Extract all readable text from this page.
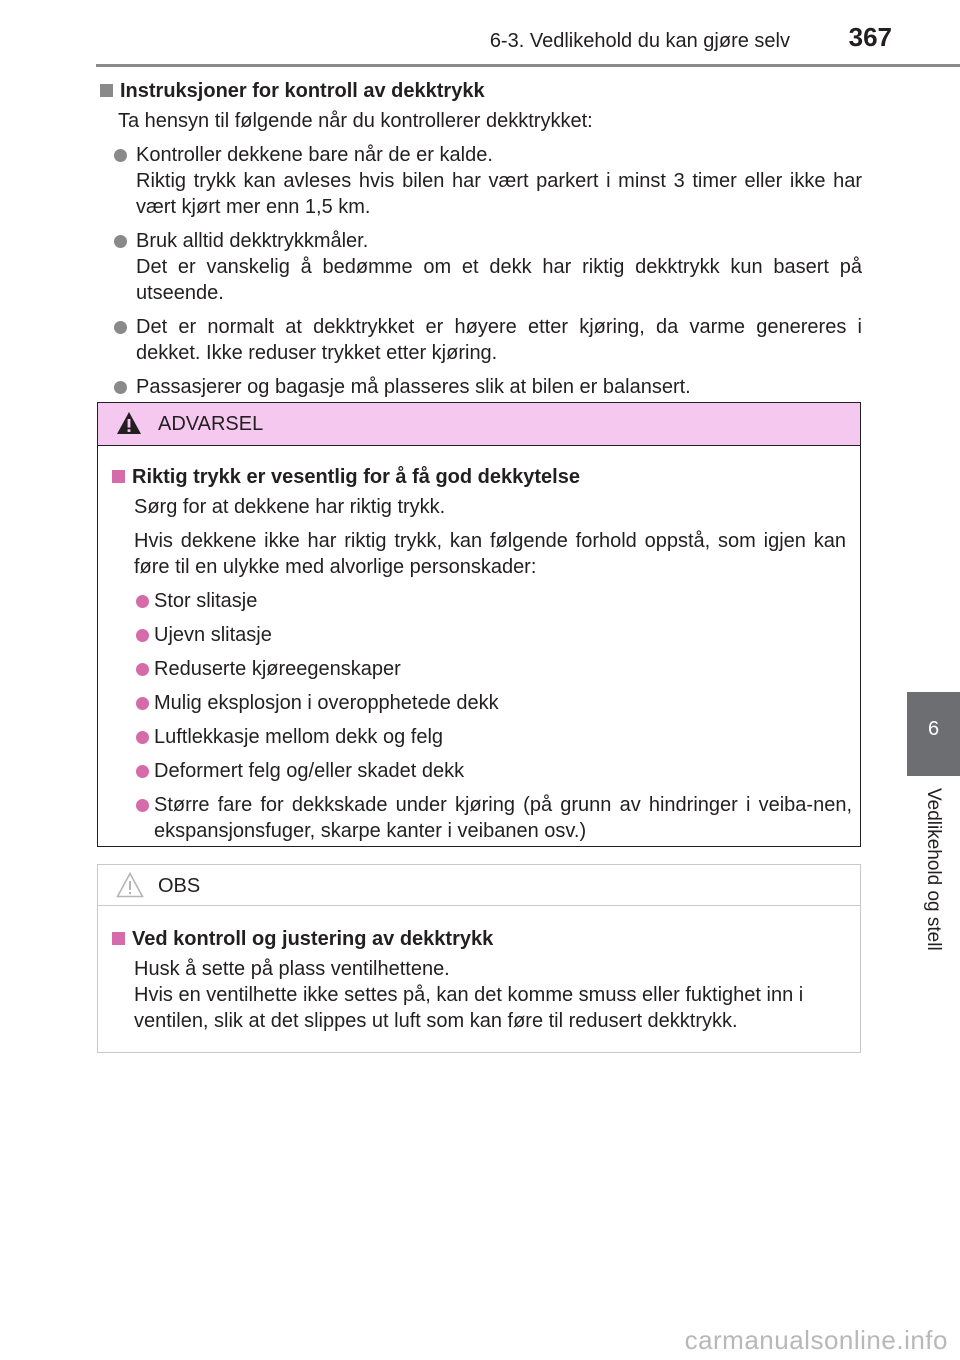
6-3. Vedlikehold du kan gjøre selv 367
6
Vedlikehold og stell
Instruksjoner for kontroll av dekktrykk

Ta hensyn til følgende når du kontrollerer dekktrykket:

Kontroller dekkene bare når de er kalde.
Riktig trykk kan avleses hvis bilen har vært parkert i minst 3 timer eller ikke har vært kjørt mer enn 1,5 km.
Bruk alltid dekktrykkmåler.
Det er vanskelig å bedømme om et dekk har riktig dekktrykk kun basert på utseende.
Det er normalt at dekktrykket er høyere etter kjøring, da varme genereres i dekket. Ikke reduser trykket etter kjøring.
Passasjerer og bagasje må plasseres slik at bilen er balansert.
ADVARSEL
Riktig trykk er vesentlig for å få god dekkytelse

Sørg for at dekkene har riktig trykk.

Hvis dekkene ikke har riktig trykk, kan følgende forhold oppstå, som igjen kan føre til en ulykke med alvorlige personskader:

Stor slitasje
Ujevn slitasje
Reduserte kjøreegenskaper
Mulig eksplosjon i overopphetede dekk
Luftlekkasje mellom dekk og felg
Deformert felg og/eller skadet dekk
Større fare for dekkskade under kjøring (på grunn av hindringer i veiba-nen, ekspansjonsfuger, skarpe kanter i veibanen osv.)
OBS
Ved kontroll og justering av dekktrykk

Husk å sette på plass ventilhettene.

Hvis en ventilhette ikke settes på, kan det komme smuss eller fuktighet inn i ventilen, slik at det slippes ut luft som kan føre til redusert dekktrykk.

carmanualsonline.info
